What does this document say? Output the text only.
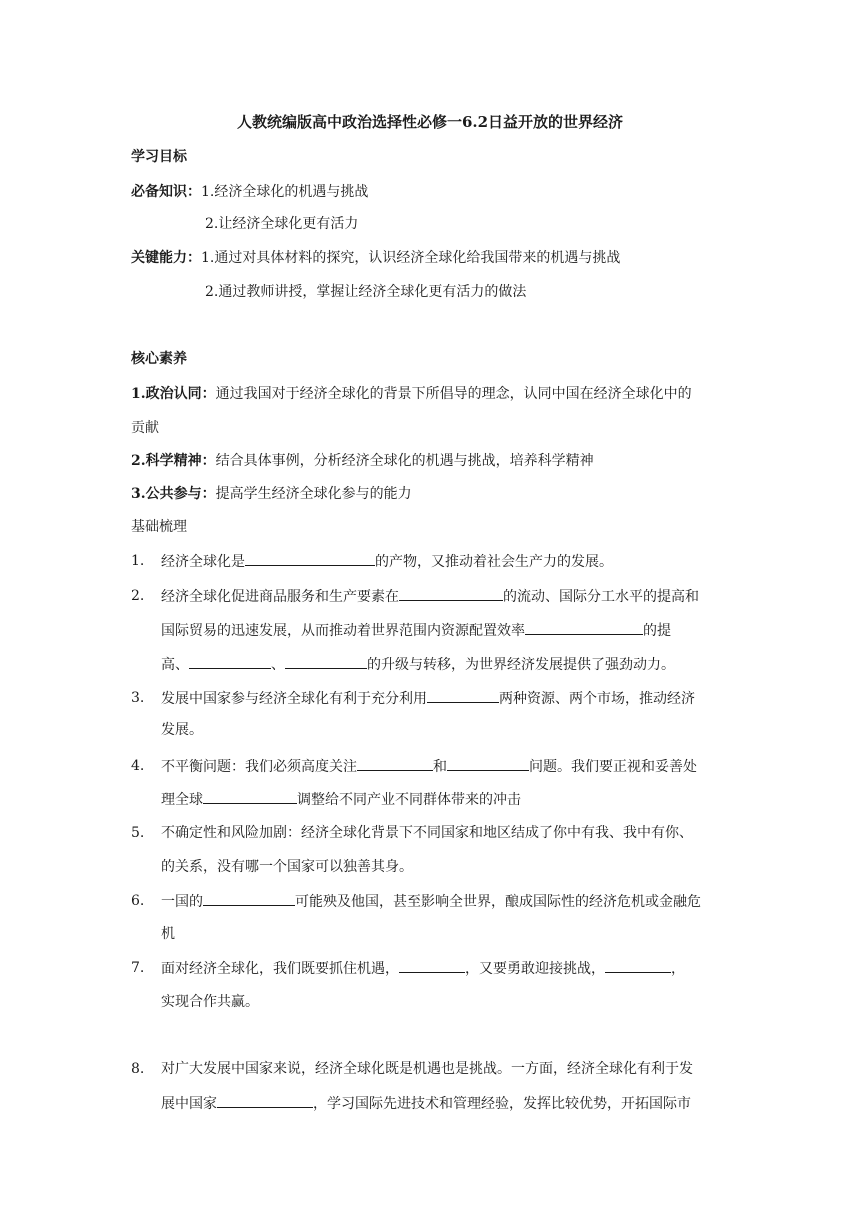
人教统编版高中政治选择性必修一6.2日益开放的世界经济
学习目标
必备知识：1.经济全球化的机遇与挑战
2.让经济全球化更有活力
关键能力：1.通过对具体材料的探究，认识经济全球化给我国带来的机遇与挑战
2.通过教师讲授，掌握让经济全球化更有活力的做法
核心素养
1.政治认同：通过我国对于经济全球化的背景下所倡导的理念，认同中国在经济全球化中的
贡献
2.科学精神：结合具体事例，分析经济全球化的机遇与挑战，培养科学精神
3.公共参与：提高学生经济全球化参与的能力
基础梳理
1. 经济全球化是	的产物，又推动着社会生产力的发展。
2. 经济全球化促进商品服务和生产要素在	的流动、国际分工水平的提高和
国际贸易的迅速发展，从而推动着世界范围内资源配置效率	的提
高、	、	的升级与转移，为世界经济发展提供了强劲动力。
3. 发展中国家参与经济全球化有利于充分利用	两种资源、两个市场，推动经济
发展。
4. 不平衡问题：我们必须高度关注	和	问题。我们要正视和妥善处
理全球	调整给不同产业不同群体带来的冲击
5. 不确定性和风险加剧：经济全球化背景下不同国家和地区结成了你中有我、我中有你、
的关系，没有哪一个国家可以独善其身。
6. 一国的	可能殃及他国，甚至影响全世界，酿成国际性的经济危机或金融危
机
7. 面对经济全球化，我们既要抓住机遇，	，又要勇敢迎接挑战，	，
实现合作共赢。
8. 对广大发展中国家来说，经济全球化既是机遇也是挑战。一方面，经济全球化有利于发
展中国家	，学习国际先进技术和管理经验，发挥比较优势，开拓国际市
